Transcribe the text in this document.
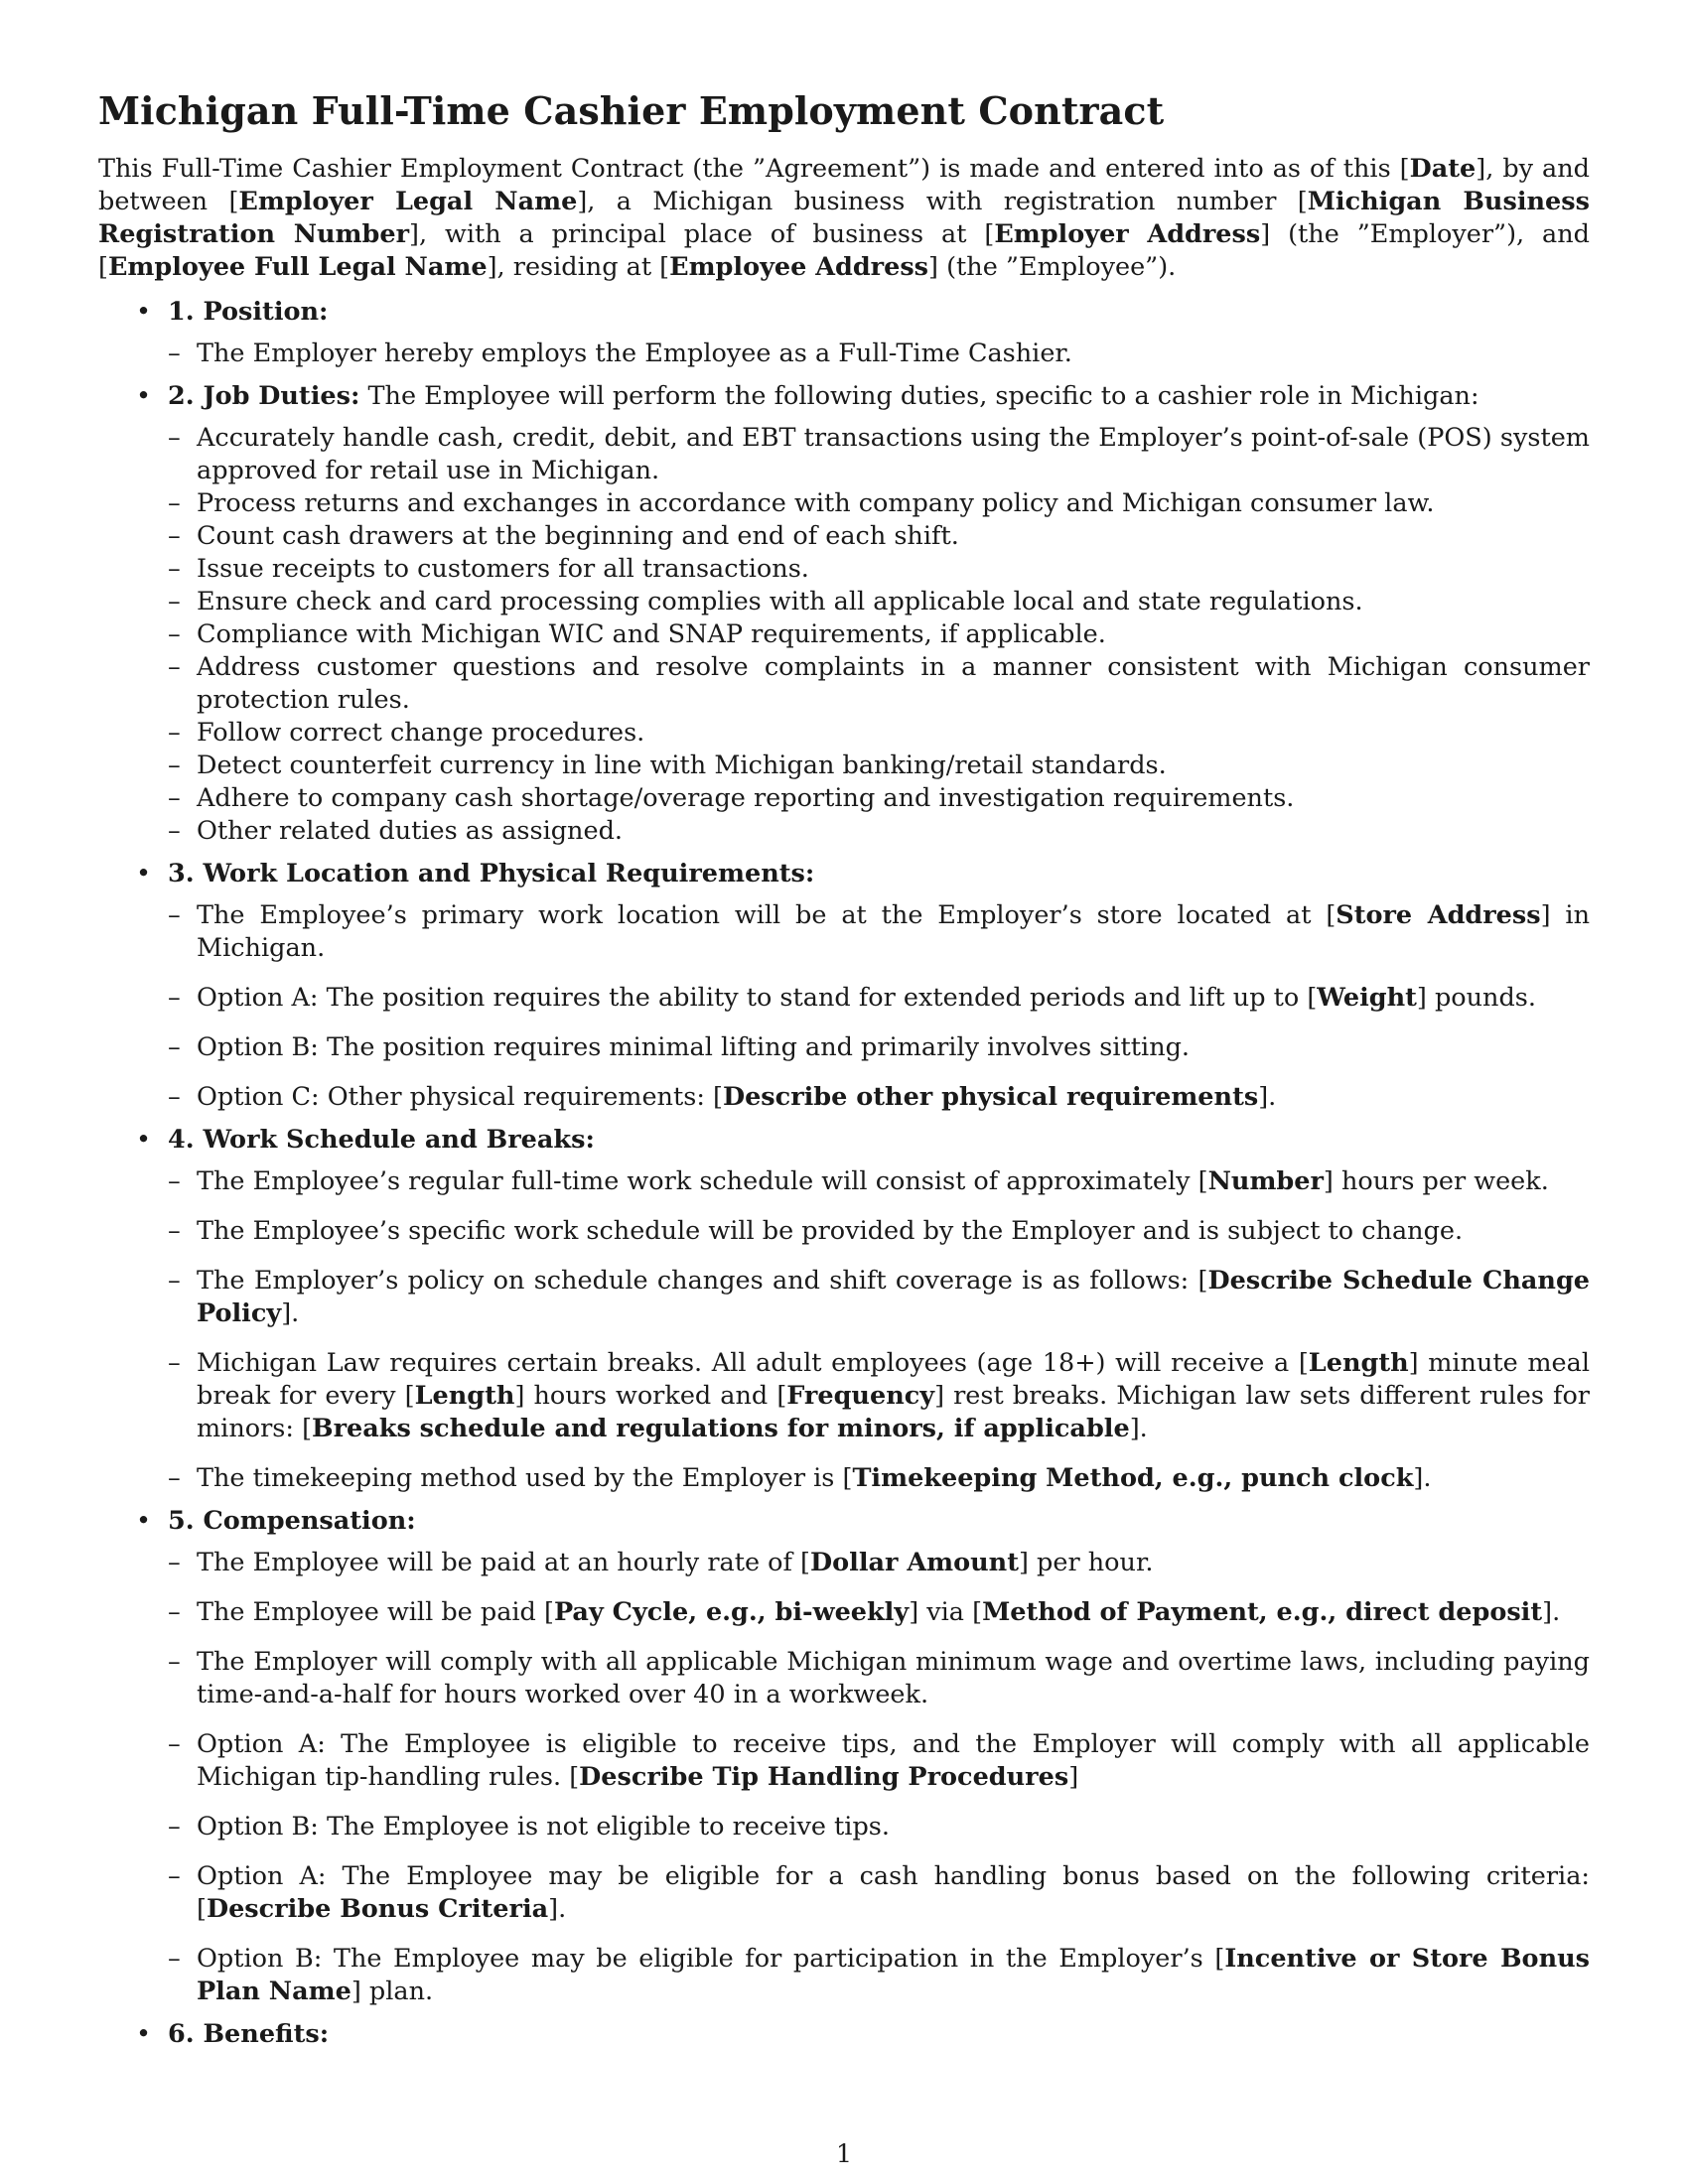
Michigan Full-Time Cashier Employment Contract

This Full-Time Cashier Employment Contract (the ”Agreement”) is made and entered into as of this [Date], by and between [Employer Legal Name], a Michigan business with registration number [Michigan Business Registration Number], with a principal place of business at [Employer Address] (the ”Employer”), and [Employee Full Legal Name], residing at [Employee Address] (the ”Employee”).

• 1. Position:
– The Employer hereby employs the Employee as a Full-Time Cashier.
• 2. Job Duties: The Employee will perform the following duties, specific to a cashier role in Michigan:
– Accurately handle cash, credit, debit, and EBT transactions using the Employer’s point-of-sale (POS) system approved for retail use in Michigan.
– Process returns and exchanges in accordance with company policy and Michigan consumer law.
– Count cash drawers at the beginning and end of each shift.
– Issue receipts to customers for all transactions.
– Ensure check and card processing complies with all applicable local and state regulations.
– Compliance with Michigan WIC and SNAP requirements, if applicable.
– Address customer questions and resolve complaints in a manner consistent with Michigan consumer protection rules.
– Follow correct change procedures.
– Detect counterfeit currency in line with Michigan banking/retail standards.
– Adhere to company cash shortage/overage reporting and investigation requirements.
– Other related duties as assigned.
• 3. Work Location and Physical Requirements:
– The Employee’s primary work location will be at the Employer’s store located at [Store Address] in Michigan.
– Option A: The position requires the ability to stand for extended periods and lift up to [Weight] pounds.
– Option B: The position requires minimal lifting and primarily involves sitting.
– Option C: Other physical requirements: [Describe other physical requirements].
• 4. Work Schedule and Breaks:
– The Employee’s regular full-time work schedule will consist of approximately [Number] hours per week.
– The Employee’s specific work schedule will be provided by the Employer and is subject to change.
– The Employer’s policy on schedule changes and shift coverage is as follows: [Describe Schedule Change Policy].
– Michigan Law requires certain breaks. All adult employees (age 18+) will receive a [Length] minute meal break for every [Length] hours worked and [Frequency] rest breaks. Michigan law sets different rules for minors: [Breaks schedule and regulations for minors, if applicable].
– The timekeeping method used by the Employer is [Timekeeping Method, e.g., punch clock].
• 5. Compensation:
– The Employee will be paid at an hourly rate of [Dollar Amount] per hour.
– The Employee will be paid [Pay Cycle, e.g., bi-weekly] via [Method of Payment, e.g., direct deposit].
– The Employer will comply with all applicable Michigan minimum wage and overtime laws, including paying time-and-a-half for hours worked over 40 in a workweek.
– Option A: The Employee is eligible to receive tips, and the Employer will comply with all applicable Michigan tip-handling rules. [Describe Tip Handling Procedures]
– Option B: The Employee is not eligible to receive tips.
– Option A: The Employee may be eligible for a cash handling bonus based on the following criteria: [Describe Bonus Criteria].
– Option B: The Employee may be eligible for participation in the Employer’s [Incentive or Store Bonus Plan Name] plan.
• 6. Benefits:
1
